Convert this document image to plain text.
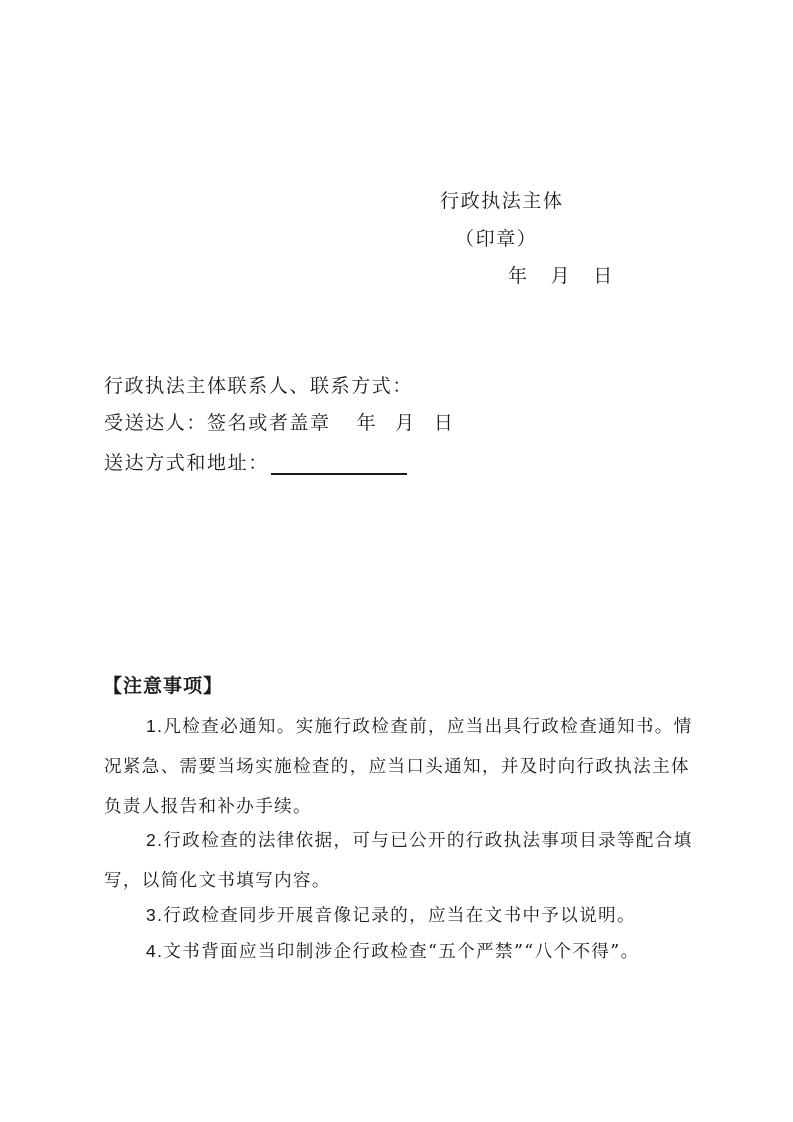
行政执法主体
（印章）
年 月 日
行政执法主体联系人、联系方式：
受送达人：签名或者盖章 年 月 日
送达方式和地址：
【注意事项】
1.凡检查必通知。实施行政检查前，应当出具行政检查通知书。情况紧急、需要当场实施检查的，应当口头通知，并及时向行政执法主体负责人报告和补办手续。
2.行政检查的法律依据，可与已公开的行政执法事项目录等配合填写，以简化文书填写内容。
3.行政检查同步开展音像记录的，应当在文书中予以说明。
4.文书背面应当印制涉企行政检查“五个严禁”“八个不得”。
